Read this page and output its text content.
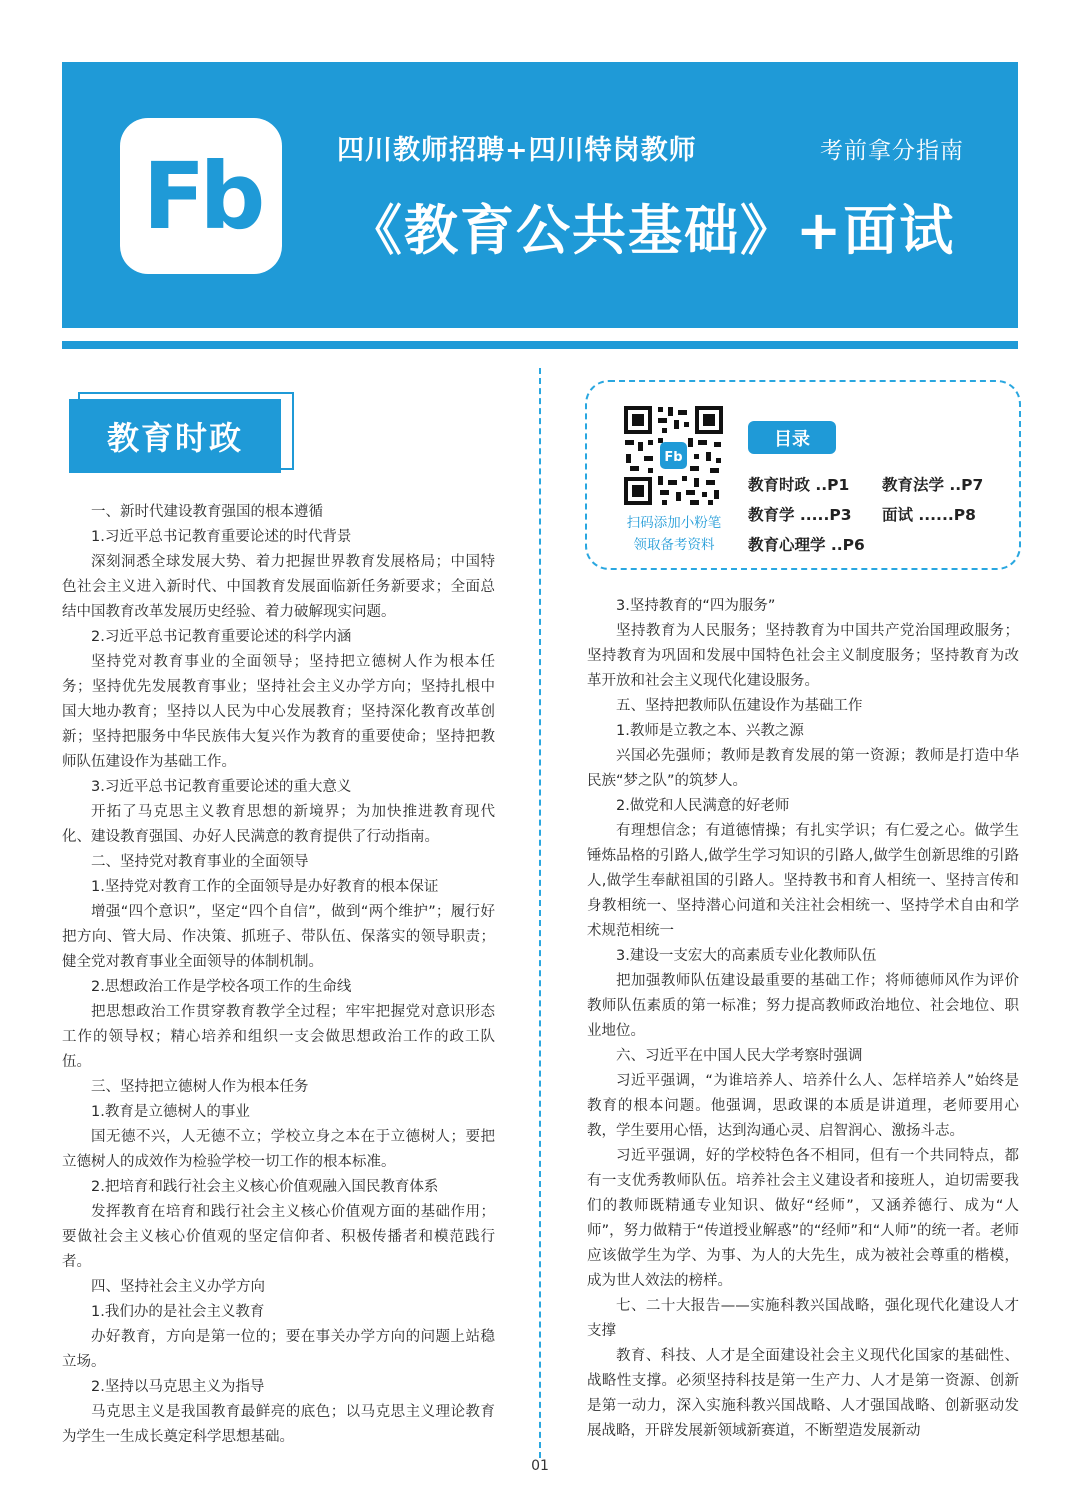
Fb	四川教师招聘+四川特岗教师	考前拿分指南
《教育公共基础》+面试
教育时政

一、新时代建设教育强国的根本遵循

1.习近平总书记教育重要论述的时代背景

深刻洞悉全球发展大势、着力把握世界教育发展格局；中国特色社会主义进入新时代、中国教育发展面临新任务新要求；全面总结中国教育改革发展历史经验、着力破解现实问题。

2.习近平总书记教育重要论述的科学内涵

坚持党对教育事业的全面领导；坚持把立德树人作为根本任务；坚持优先发展教育事业；坚持社会主义办学方向；坚持扎根中国大地办教育；坚持以人民为中心发展教育；坚持深化教育改革创新；坚持把服务中华民族伟大复兴作为教育的重要使命；坚持把教师队伍建设作为基础工作。

3.习近平总书记教育重要论述的重大意义

开拓了马克思主义教育思想的新境界；为加快推进教育现代化、建设教育强国、办好人民满意的教育提供了行动指南。

二、坚持党对教育事业的全面领导

1.坚持党对教育工作的全面领导是办好教育的根本保证

增强“四个意识”，坚定“四个自信”，做到“两个维护”；履行好把方向、管大局、作决策、抓班子、带队伍、保落实的领导职责；健全党对教育事业全面领导的体制机制。

2.思想政治工作是学校各项工作的生命线

把思想政治工作贯穿教育教学全过程；牢牢把握党对意识形态工作的领导权；精心培养和组织一支会做思想政治工作的政工队伍。

三、坚持把立德树人作为根本任务

1.教育是立德树人的事业

国无德不兴，人无德不立；学校立身之本在于立德树人；要把立德树人的成效作为检验学校一切工作的根本标准。

2.把培育和践行社会主义核心价值观融入国民教育体系

发挥教育在培育和践行社会主义核心价值观方面的基础作用；要做社会主义核心价值观的坚定信仰者、积极传播者和模范践行者。

四、坚持社会主义办学方向

1.我们办的是社会主义教育

办好教育，方向是第一位的；要在事关办学方向的问题上站稳立场。

2.坚持以马克思主义为指导

马克思主义是我国教育最鲜亮的底色；以马克思主义理论教育为学生一生成长奠定科学思想基础。

Fb
扫码添加小粉笔
领取备考资料
目录
教育时政 ..P1 教育法学 ..P7
教育学 .....P3 面试 ......P8
教育心理学 ..P6

3.坚持教育的“四为服务”

坚持教育为人民服务；坚持教育为中国共产党治国理政服务；坚持教育为巩固和发展中国特色社会主义制度服务；坚持教育为改革开放和社会主义现代化建设服务。

五、坚持把教师队伍建设作为基础工作

1.教师是立教之本、兴教之源

兴国必先强师；教师是教育发展的第一资源；教师是打造中华民族“梦之队”的筑梦人。

2.做党和人民满意的好老师

有理想信念；有道德情操；有扎实学识；有仁爱之心。做学生锤炼品格的引路人,做学生学习知识的引路人,做学生创新思维的引路人,做学生奉献祖国的引路人。坚持教书和育人相统一、坚持言传和身教相统一、坚持潜心问道和关注社会相统一、坚持学术自由和学术规范相统一

3.建设一支宏大的高素质专业化教师队伍

把加强教师队伍建设最重要的基础工作；将师德师风作为评价教师队伍素质的第一标准；努力提高教师政治地位、社会地位、职业地位。

六、习近平在中国人民大学考察时强调

习近平强调，“为谁培养人、培养什么人、怎样培养人”始终是教育的根本问题。他强调，思政课的本质是讲道理，老师要用心教，学生要用心悟，达到沟通心灵、启智润心、激扬斗志。

习近平强调，好的学校特色各不相同，但有一个共同特点，都有一支优秀教师队伍。培养社会主义建设者和接班人，迫切需要我们的教师既精通专业知识、做好“经师”，又涵养德行、成为“人师”，努力做精于“传道授业解惑”的“经师”和“人师”的统一者。老师应该做学生为学、为事、为人的大先生，成为被社会尊重的楷模，成为世人效法的榜样。

七、二十大报告——实施科教兴国战略，强化现代化建设人才支撑

教育、科技、人才是全面建设社会主义现代化国家的基础性、战略性支撑。必须坚持科技是第一生产力、人才是第一资源、创新是第一动力，深入实施科教兴国战略、人才强国战略、创新驱动发展战略，开辟发展新领域新赛道，不断塑造发展新动

01
